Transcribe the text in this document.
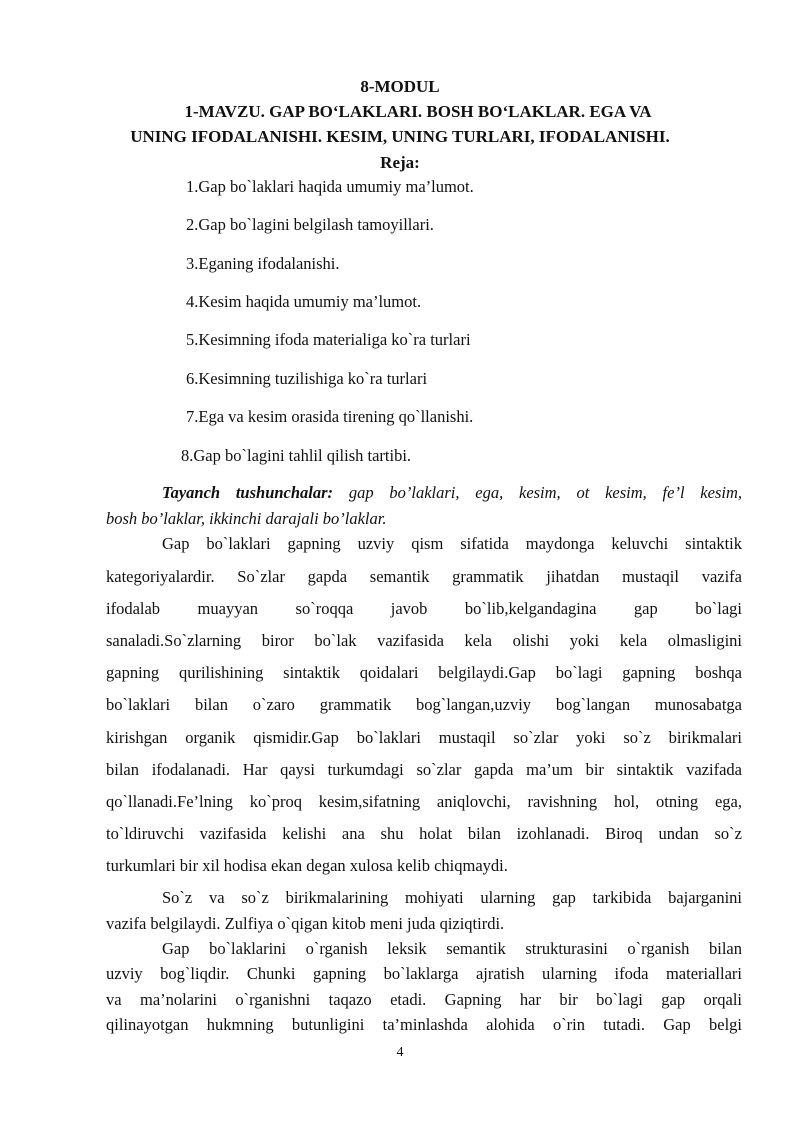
8-MODUL
1-MAVZU. GAP BO‘LAKLARI. BOSH BO‘LAKLAR. EGA VA
UNING IFODALANISHI. KESIM, UNING TURLARI, IFODALANISHI.
Reja:
1.Gap bo`laklari haqida umumiy ma’lumot.
2.Gap bo`lagini belgilash tamoyillari.
3.Eganing ifodalanishi.
4.Kesim haqida umumiy ma’lumot.
5.Kesimning ifoda materialiga ko`ra turlari
6.Kesimning tuzilishiga ko`ra turlari
7.Ega va kesim orasida tirening qo`llanishi.
8.Gap bo`lagini tahlil qilish tartibi.
Tayanch tushunchalar: gap bo’laklari, ega, kesim, ot kesim, fe’l kesim,
bosh bo’laklar, ikkinchi darajali bo’laklar.
Gap bo`laklari gapning uzviy qism sifatida maydonga keluvchi sintaktik
kategoriyalardir. So`zlar gapda semantik grammatik jihatdan mustaqil vazifa
ifodalab muayyan so`roqqa javob bo`lib,kelgandagina gap bo`lagi
sanaladi.So`zlarning biror bo`lak vazifasida kela olishi yoki kela olmasligini
gapning qurilishining sintaktik qoidalari belgilaydi.Gap bo`lagi gapning boshqa
bo`laklari bilan o`zaro grammatik bog`langan,uzviy bog`langan munosabatga
kirishgan organik qismidir.Gap bo`laklari mustaqil so`zlar yoki so`z birikmalari
bilan ifodalanadi. Har qaysi turkumdagi so`zlar gapda ma’um bir sintaktik vazifada
qo`llanadi.Fe’lning ko`proq kesim,sifatning aniqlovchi, ravishning hol, otning ega,
to`ldiruvchi vazifasida kelishi ana shu holat bilan izohlanadi. Biroq undan so`z
turkumlari bir xil hodisa ekan degan xulosa kelib chiqmaydi.
So`z va so`z birikmalarining mohiyati ularning gap tarkibida bajarganini
vazifa belgilaydi. Zulfiya o`qigan kitob meni juda qiziqtirdi.
Gap bo`laklarini o`rganish leksik semantik strukturasini o`rganish bilan
uzviy bog`liqdir. Chunki gapning bo`laklarga ajratish ularning ifoda materiallari
va ma’nolarini o`rganishni taqazo etadi. Gapning har bir bo`lagi gap orqali
qilinayotgan hukmning butunligini ta’minlashda alohida o`rin tutadi. Gap belgi
4
